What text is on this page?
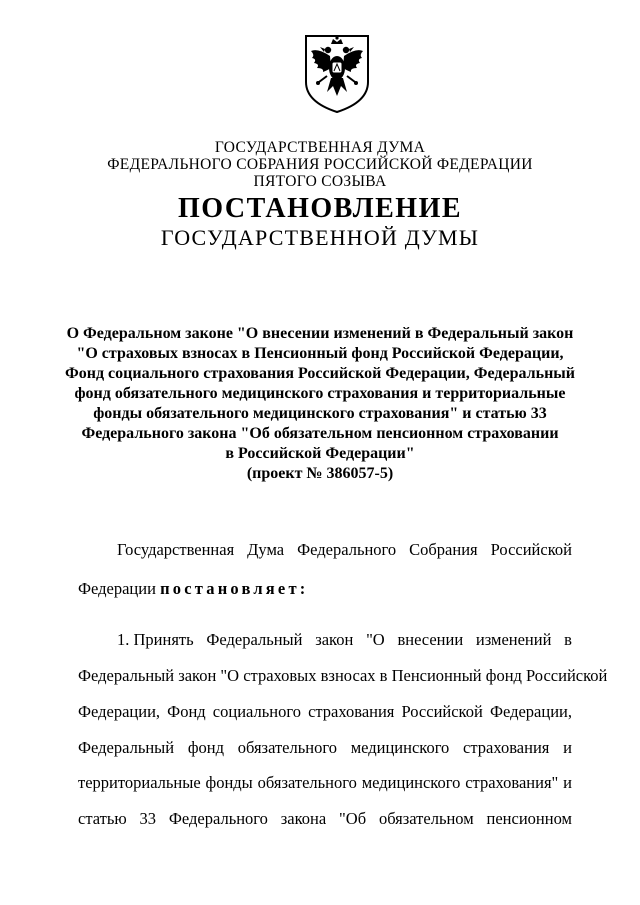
ГОСУДАРСТВЕННАЯ ДУМА
ФЕДЕРАЛЬНОГО СОБРАНИЯ РОССИЙСКОЙ ФЕДЕРАЦИИ
ПЯТОГО СОЗЫВА
ПОСТАНОВЛЕНИЕ
ГОСУДАРСТВЕННОЙ ДУМЫ
О Федеральном законе "О внесении изменений в Федеральный закон
"О страховых взносах в Пенсионный фонд Российской Федерации,
Фонд социального страхования Российской Федерации, Федеральный
фонд обязательного медицинского страхования и территориальные
фонды обязательного медицинского страхования" и статью 33
Федерального закона "Об обязательном пенсионном страховании
в Российской Федерации"
(проект № 386057-5)
Государственная Дума Федерального Собрания Российской
Федерации постановляет:
1. Принять Федеральный закон "О внесении изменений в
Федеральный закон "О страховых взносах в Пенсионный фонд Российской
Федерации, Фонд социального страхования Российской Федерации,
Федеральный фонд обязательного медицинского страхования и
территориальные фонды обязательного медицинского страхования" и
статью 33 Федерального закона "Об обязательном пенсионном
